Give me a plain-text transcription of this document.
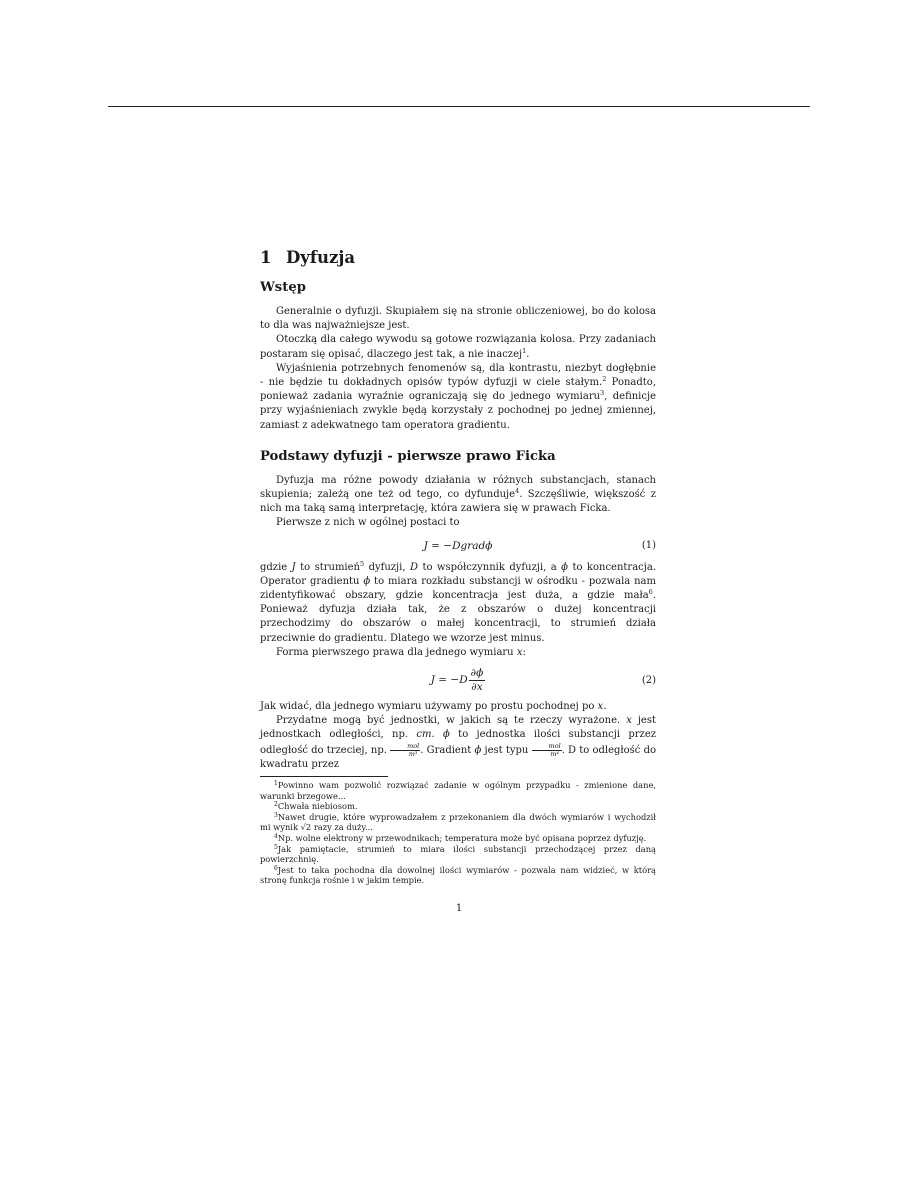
1 Dyfuzja
Wstęp

Generalnie o dyfuzji. Skupiałem się na stronie obliczeniowej, bo do kolosa to dla was najważniejsze jest.

Otoczką dla całego wywodu są gotowe rozwiązania kolosa. Przy zadaniach postaram się opisać, dlaczego jest tak, a nie inaczej$^1$.

Wyjaśnienia potrzebnych fenomenów są, dla kontrastu, niezbyt dogłębnie - nie będzie tu dokładnych opisów typów dyfuzji w ciele stałym.$^2$ Ponadto, ponieważ zadania wyraźnie ograniczają się do jednego wymiaru$^3$, definicje przy wyjaśnieniach zwykle będą korzystały z pochodnej po jednej zmiennej, zamiast z adekwatnego tam operatora gradientu.

Podstawy dyfuzji - pierwsze prawo Ficka

Dyfuzja ma różne powody działania w różnych substancjach, stanach skupienia; zależą one też od tego, co dyfunduje$^4$. Szczęśliwie, większość z nich ma taką samą interpretację, która zawiera się w prawach Ficka.

Pierwsze z nich w ogólnej postaci to

J = −Dgradϕ	(1)

gdzie J to strumień$^5$ dyfuzji, D to współczynnik dyfuzji, a ϕ to koncentracja. Operator gradientu ϕ to miara rozkładu substancji w ośrodku - pozwala nam zidentyfikować obszary, gdzie koncentracja jest duża, a gdzie mała$^6$. Ponieważ dyfuzja działa tak, że z obszarów o dużej koncentracji przechodzimy do obszarów o małej koncentracji, to strumień działa przeciwnie do gradientu. Dlatego we wzorze jest minus.

Forma pierwszego prawa dla jednego wymiaru x:

$J = -D \frac{\partial\phi}{\partial x}$	(2)

Jak widać, dla jednego wymiaru używamy po prostu pochodnej po x.

Przydatne mogą być jednostki, w jakich są te rzeczy wyrażone. x jest jednostkach odległości, np. cm. ϕ to jednostka ilości substancji przez odległość do trzeciej, np.	mol
m³ . Gradient ϕ jest typu	mol
m⁴ . D to odległość do kwadratu przez

$^1$Powinno wam pozwolić rozwiązać zadanie w ogólnym przypadku - zmienione dane, warunki brzegowe...

$^2$Chwała niebiosom.

$^3$Nawet drugie, które wyprowadzałem z przekonaniem dla dwóch wymiarów i wychodził mi wynik √2 razy za duży...

$^4$Np. wolne elektrony w przewodnikach; temperatura może być opisana poprzez dyfuzję.

$^5$Jak pamiętacie, strumień to miara ilości substancji przechodzącej przez daną powierzchnię.

$^6$Jest to taka pochodna dla dowolnej ilości wymiarów - pozwala nam widzieć, w którą stronę funkcja rośnie i w jakim tempie.

1
